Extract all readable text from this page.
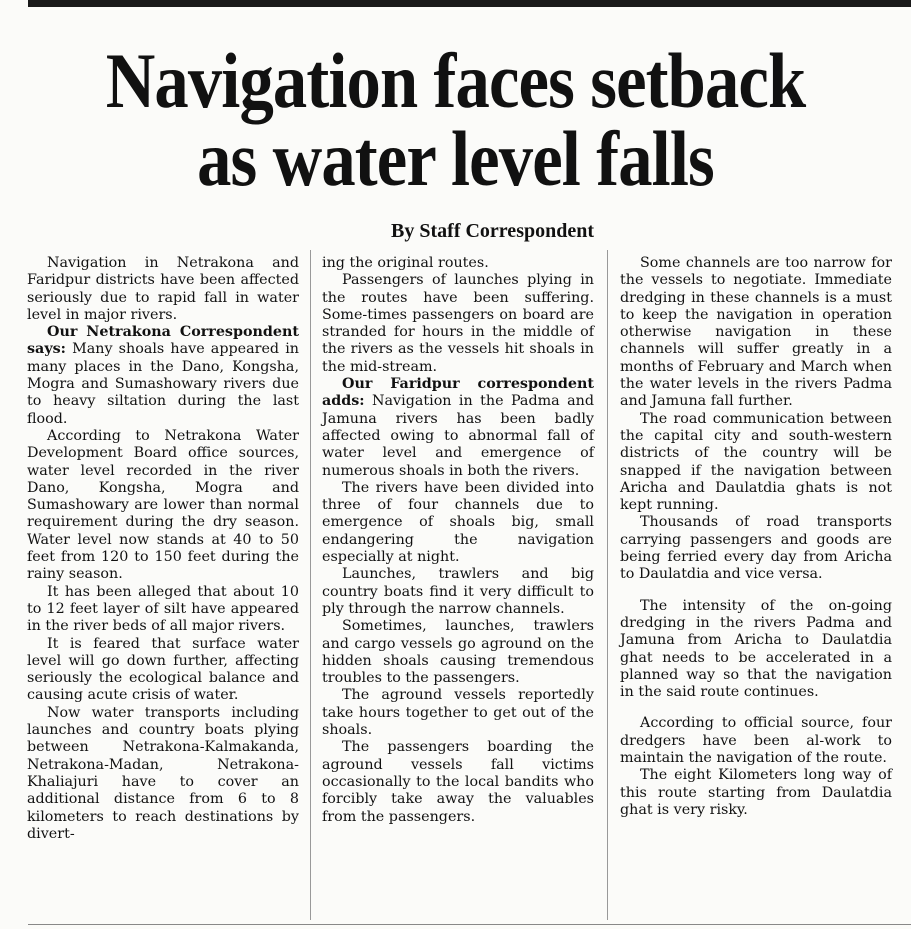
Navigation faces setback
as water level falls
By Staff Correspondent

Navigation in Netrakona and Faridpur districts have been affected seriously due to rapid fall in water level in major rivers.

Our Netrakona Correspondent says: Many shoals have appeared in many places in the Dano, Kongsha, Mogra and Sumashowary rivers due to heavy siltation during the last flood.

According to Netrakona Water Development Board office sources, water level recorded in the river Dano, Kongsha, Mogra and Sumashowary are lower than normal requirement during the dry season. Water level now stands at 40 to 50 feet from 120 to 150 feet during the rainy season.

It has been alleged that about 10 to 12 feet layer of silt have appeared in the river beds of all major rivers.

It is feared that surface water level will go down further, affecting seriously the ecological balance and causing acute crisis of water.

Now water transports including launches and country boats plying between Netrakona-Kalmakanda, Netrakona-Madan, Netrakona-Khaliajuri have to cover an additional distance from 6 to 8 kilometers to reach destinations by divert-

ing the original routes.

Passengers of launches plying in the routes have been suffering. Some-times passengers on board are stranded for hours in the middle of the rivers as the vessels hit shoals in the mid-stream.

Our Faridpur correspondent adds: Navigation in the Padma and Jamuna rivers has been badly affected owing to abnormal fall of water level and emergence of numerous shoals in both the rivers.

The rivers have been divided into three of four channels due to emergence of shoals big, small endangering the navigation especially at night.

Launches, trawlers and big country boats find it very difficult to ply through the narrow channels.

Sometimes, launches, trawlers and cargo vessels go aground on the hidden shoals causing tremendous troubles to the passengers.

The aground vessels reportedly take hours together to get out of the shoals.

The passengers boarding the aground vessels fall victims occasionally to the local bandits who forcibly take away the valuables from the passengers.

Some channels are too narrow for the vessels to negotiate. Immediate dredging in these channels is a must to keep the navigation in operation otherwise navigation in these channels will suffer greatly in a months of February and March when the water levels in the rivers Padma and Jamuna fall further.

The road communication between the capital city and south-western districts of the country will be snapped if the navigation between Aricha and Daulatdia ghats is not kept running.

Thousands of road transports carrying passengers and goods are being ferried every day from Aricha to Daulatdia and vice versa.

The intensity of the on-going dredging in the rivers Padma and Jamuna from Aricha to Daulatdia ghat needs to be accelerated in a planned way so that the navigation in the said route continues.

According to official source, four dredgers have been al-work to maintain the navigation of the route.

The eight Kilometers long way of this route starting from Daulatdia ghat is very risky.
